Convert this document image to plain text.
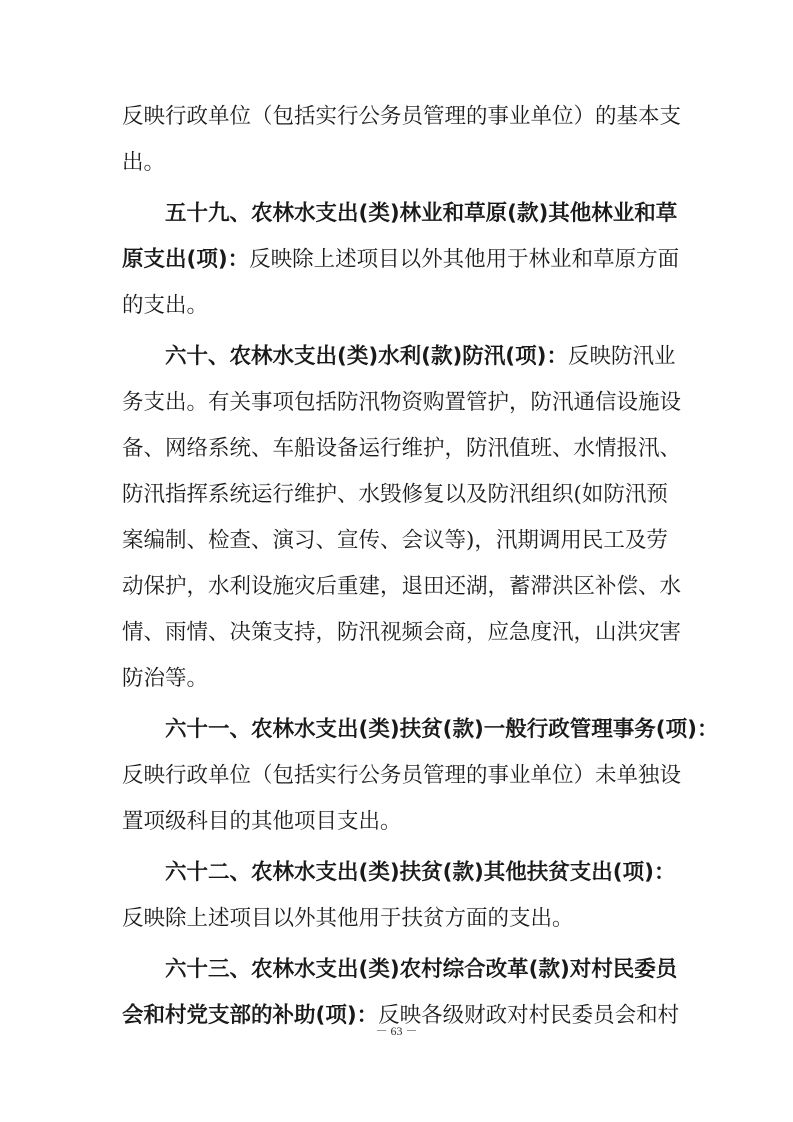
反映行政单位（包括实行公务员管理的事业单位）的基本支
出。
五十九、农林水支出(类)林业和草原(款)其他林业和草
原支出(项)：反映除上述项目以外其他用于林业和草原方面
的支出。
六十、农林水支出(类)水利(款)防汛(项)：反映防汛业
务支出。有关事项包括防汛物资购置管护，防汛通信设施设
备、网络系统、车船设备运行维护，防汛值班、水情报汛、
防汛指挥系统运行维护、水毁修复以及防汛组织(如防汛预
案编制、检查、演习、宣传、会议等)，汛期调用民工及劳
动保护，水利设施灾后重建，退田还湖，蓄滞洪区补偿、水
情、雨情、决策支持，防汛视频会商，应急度汛，山洪灾害
防治等。
六十一、农林水支出(类)扶贫(款)一般行政管理事务(项)：
反映行政单位（包括实行公务员管理的事业单位）未单独设
置项级科目的其他项目支出。
六十二、农林水支出(类)扶贫(款)其他扶贫支出(项)：
反映除上述项目以外其他用于扶贫方面的支出。
六十三、农林水支出(类)农村综合改革(款)对村民委员
会和村党支部的补助(项)：反映各级财政对村民委员会和村
－ 63 －
